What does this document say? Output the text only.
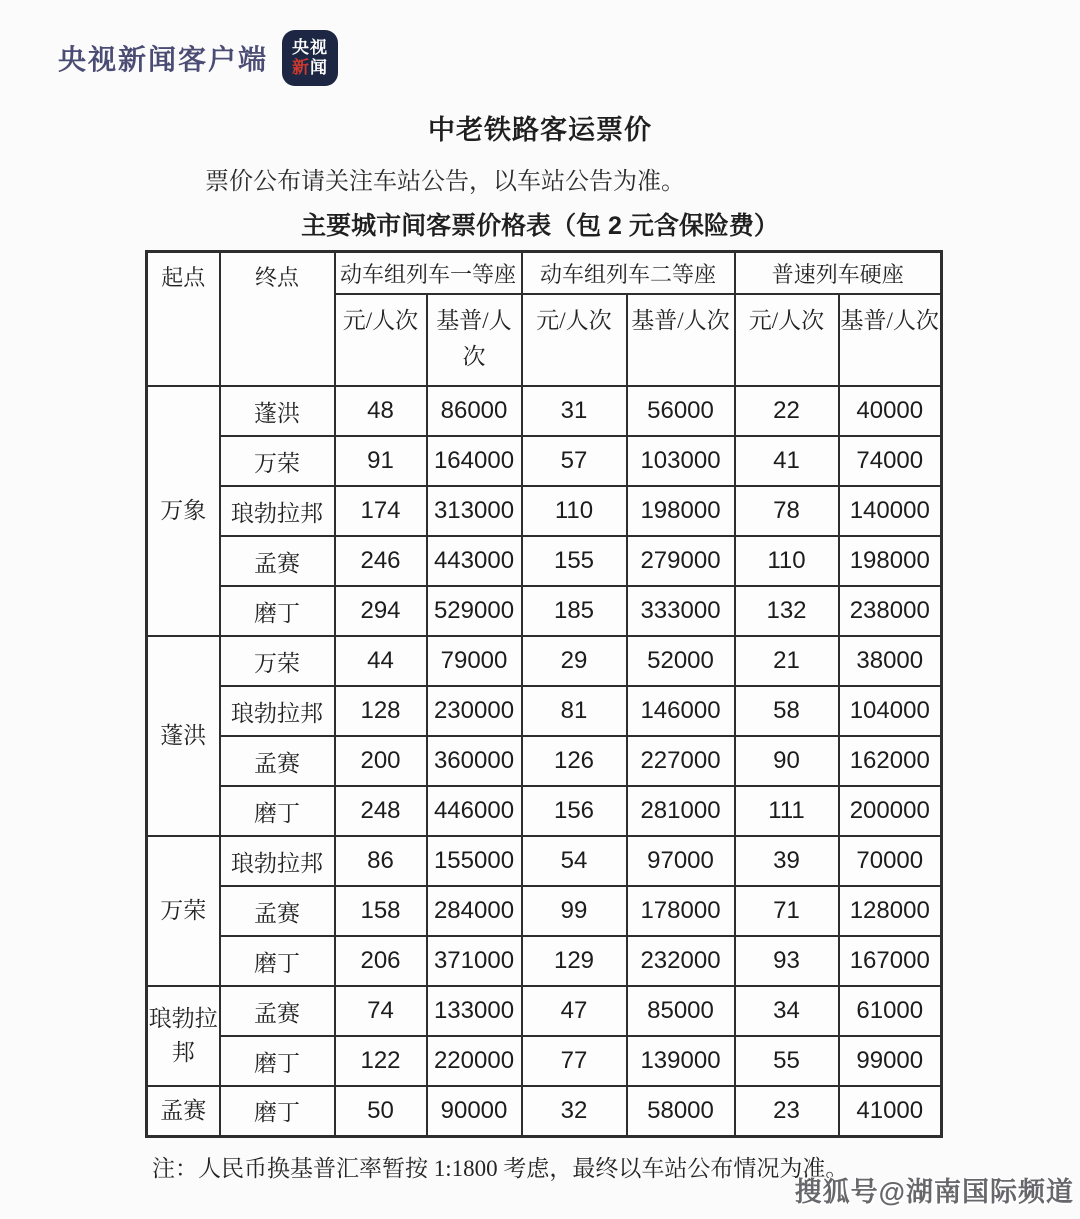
央视新闻客户端 央视
新闻
中老铁路客运票价

票价公布请关注车站公告，以车站公告为准。

主要城市间客票价格表（包 2 元含保险费）
起点	终点	动车组列车一等座		动车组列车二等座		普速列车硬座	
		元/人次	基普/人次	元/人次	基普/人次	元/人次	基普/人次
万象	蓬洪	48	86000	31	56000	22	40000
	万荣	91	164000	57	103000	41	74000
	琅勃拉邦	174	313000	110	198000	78	140000
	孟赛	246	443000	155	279000	110	198000
	磨丁	294	529000	185	333000	132	238000
蓬洪	万荣	44	79000	29	52000	21	38000
	琅勃拉邦	128	230000	81	146000	58	104000
	孟赛	200	360000	126	227000	90	162000
	磨丁	248	446000	156	281000	111	200000
万荣	琅勃拉邦	86	155000	54	97000	39	70000
	孟赛	158	284000	99	178000	71	128000
	磨丁	206	371000	129	232000	93	167000
琅勃拉邦	孟赛	74	133000	47	85000	34	61000
	磨丁	122	220000	77	139000	55	99000
孟赛	磨丁	50	90000	32	58000	23	41000

注：人民币换基普汇率暂按 1:1800 考虑，最终以车站公布情况为准。

搜狐号@湖南国际频道
